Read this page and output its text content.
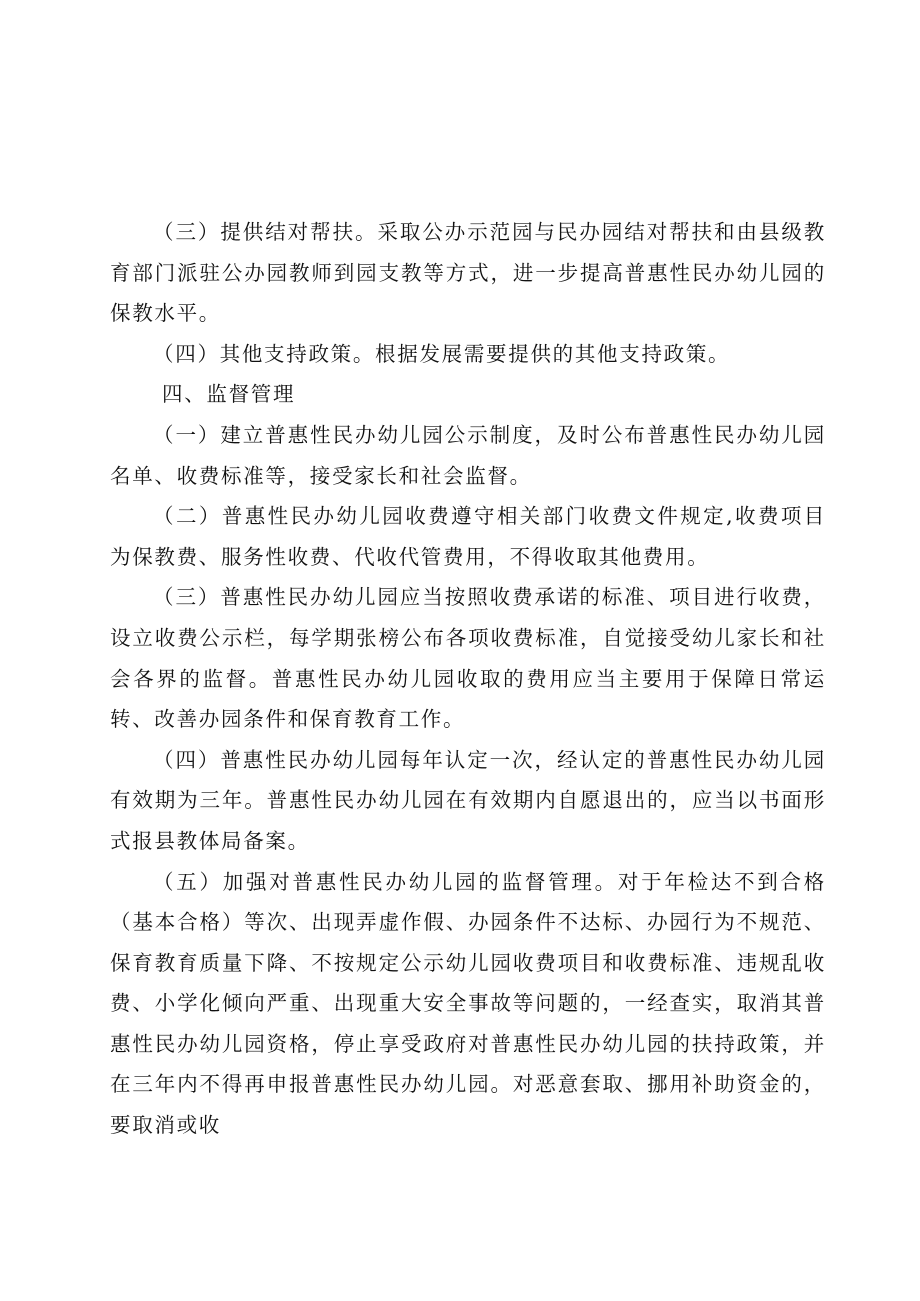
（三）提供结对帮扶。采取公办示范园与民办园结对帮扶和由县级教育部门派驻公办园教师到园支教等方式，进一步提高普惠性民办幼儿园的保教水平。

（四）其他支持政策。根据发展需要提供的其他支持政策。

四、监督管理

（一）建立普惠性民办幼儿园公示制度，及时公布普惠性民办幼儿园名单、收费标准等，接受家长和社会监督。

（二）普惠性民办幼儿园收费遵守相关部门收费文件规定,收费项目为保教费、服务性收费、代收代管费用，不得收取其他费用。

（三）普惠性民办幼儿园应当按照收费承诺的标准、项目进行收费，设立收费公示栏，每学期张榜公布各项收费标准，自觉接受幼儿家长和社会各界的监督。普惠性民办幼儿园收取的费用应当主要用于保障日常运转、改善办园条件和保育教育工作。

（四）普惠性民办幼儿园每年认定一次，经认定的普惠性民办幼儿园有效期为三年。普惠性民办幼儿园在有效期内自愿退出的，应当以书面形式报县教体局备案。

（五）加强对普惠性民办幼儿园的监督管理。对于年检达不到合格（基本合格）等次、出现弄虚作假、办园条件不达标、办园行为不规范、保育教育质量下降、不按规定公示幼儿园收费项目和收费标准、违规乱收费、小学化倾向严重、出现重大安全事故等问题的，一经查实，取消其普惠性民办幼儿园资格，停止享受政府对普惠性民办幼儿园的扶持政策，并在三年内不得再申报普惠性民办幼儿园。对恶意套取、挪用补助资金的，要取消或收
